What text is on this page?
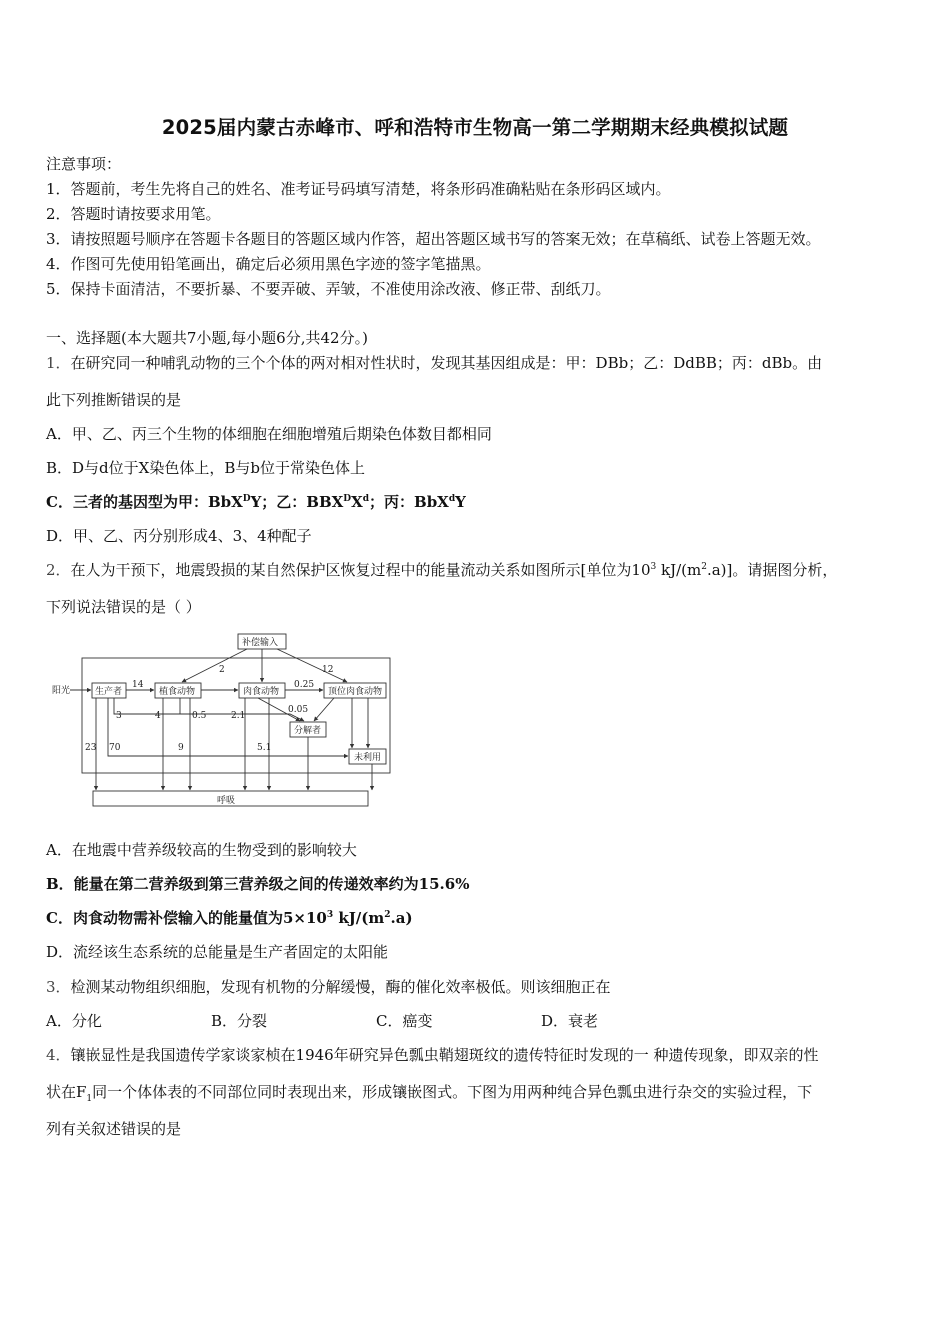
2025届内蒙古赤峰市、呼和浩特市生物高一第二学期期末经典模拟试题
注意事项：
1．答题前，考生先将自己的姓名、准考证号码填写清楚，将条形码准确粘贴在条形码区域内。
2．答题时请按要求用笔。
3．请按照题号顺序在答题卡各题目的答题区域内作答，超出答题区域书写的答案无效；在草稿纸、试卷上答题无效。
4．作图可先使用铅笔画出，确定后必须用黑色字迹的签字笔描黑。
5．保持卡面清洁，不要折暴、不要弄破、弄皱，不准使用涂改液、修正带、刮纸刀。
一、选择题(本大题共7小题,每小题6分,共42分。)
1．在研究同一种哺乳动物的三个个体的两对相对性状时，发现其基因组成是：甲：DBb；乙：DdBB；丙：dBb。由
此下列推断错误的是
A．甲、乙、丙三个生物的体细胞在细胞增殖后期染色体数目都相同
B．D与d位于X染色体上，B与b位于常染色体上
C．三者的基因型为甲：BbX$^D$Y；乙：$BBX^DX^d$；丙：BbX$^d$Y
D．甲、乙、丙分别形成4、3、4种配子
2．在人为干预下，地震毁损的某自然保护区恢复过程中的能量流动关系如图所示[单位为$10^3$ $kJ/(m^2.a)$]。请据图分析，
下列说法错误的是（ ）
补偿输入
阳光	生产者	植食动物	肉食动物	顶位肉食动物
分解者
未利用
呼吸
2	12
14	0.25
3	4	0.5	2.1
0.05
23 70	9	5.1
A．在地震中营养级较高的生物受到的影响较大
B．能量在第二营养级到第三营养级之间的传递效率约为15.6%
C．肉食动物需补偿输入的能量值为$5\times 10^3$ $kJ/(m^2.a)$
D．流经该生态系统的总能量是生产者固定的太阳能
3．检测某动物组织细胞，发现有机物的分解缓慢，酶的催化效率极低。则该细胞正在
A．分化	B．分裂	C．癌变	D．衰老
4．镶嵌显性是我国遗传学家谈家桢在1946年研究异色瓢虫鞘翅斑纹的遗传特征时发现的一 种遗传现象，即双亲的性
状在$F_1$同一个体体表的不同部位同时表现出来，形成镶嵌图式。下图为用两种纯合异色瓢虫进行杂交的实验过程，下
列有关叙述错误的是
